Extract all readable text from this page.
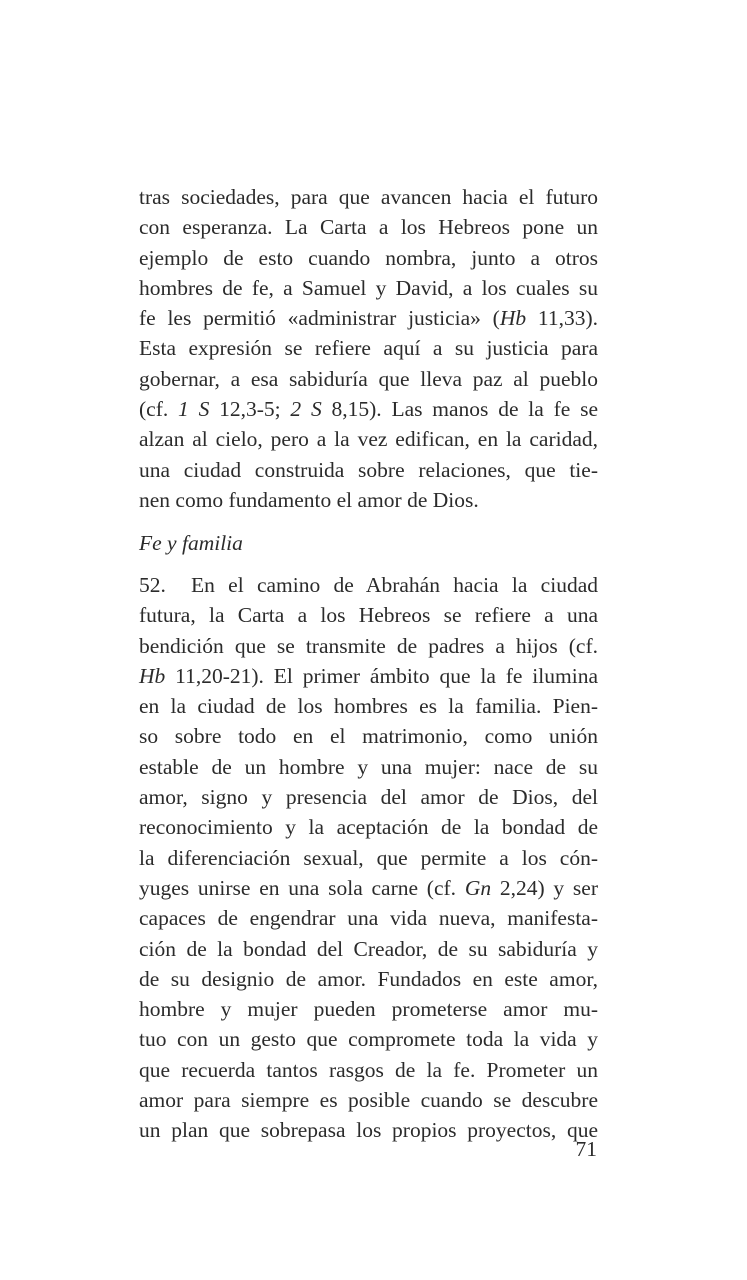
tras sociedades, para que avancen hacia el futuro
con esperanza. La Carta a los Hebreos pone un
ejemplo de esto cuando nombra, junto a otros
hombres de fe, a Samuel y David, a los cuales su
fe les permitió «administrar justicia» (Hb 11,33).
Esta expresión se refiere aquí a su justicia para
gobernar, a esa sabiduría que lleva paz al pueblo
(cf. 1 S 12,3-5; 2 S 8,15). Las manos de la fe se
alzan al cielo, pero a la vez edifican, en la caridad,
una ciudad construida sobre relaciones, que tie-
nen como fundamento el amor de Dios.
Fe y familia
52. En el camino de Abrahán hacia la ciudad
futura, la Carta a los Hebreos se refiere a una
bendición que se transmite de padres a hijos (cf.
Hb 11,20-21). El primer ámbito que la fe ilumina
en la ciudad de los hombres es la familia. Pien-
so sobre todo en el matrimonio, como unión
estable de un hombre y una mujer: nace de su
amor, signo y presencia del amor de Dios, del
reconocimiento y la aceptación de la bondad de
la diferenciación sexual, que permite a los cón-
yuges unirse en una sola carne (cf. Gn 2,24) y ser
capaces de engendrar una vida nueva, manifesta-
ción de la bondad del Creador, de su sabiduría y
de su designio de amor. Fundados en este amor,
hombre y mujer pueden prometerse amor mu-
tuo con un gesto que compromete toda la vida y
que recuerda tantos rasgos de la fe. Prometer un
amor para siempre es posible cuando se descubre
un plan que sobrepasa los propios proyectos, que
71
